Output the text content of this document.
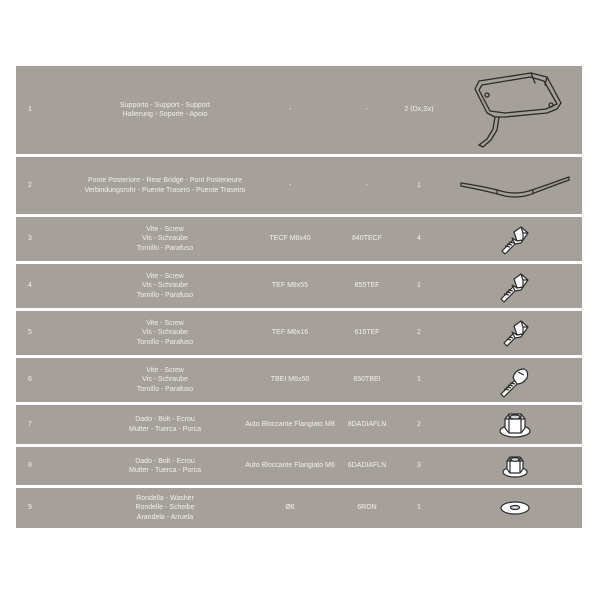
1
Supporto - Support - Support
Halterung - Soporte - Apoio
-	-	2 (Dx,Sx)
2
Ponte Posteriore - Rear Bridge - Pont Posterieure
Verbindungsrohr - Puente Trasero - Puente Traseiro
-	-	1
3
Vite - Screw
Vis - Schraube
Tornillo - Parafuso
TECF M8x40	840TECF	4
4
Vite - Screw
Vis - Schraube
Tornillo - Parafuso
TEF M8x55	855TEF	1
5
Vite - Screw
Vis - Schraube
Tornillo - Parafuso
TEF M6x16	616TEF	2
6
Vite - Screw
Vis - Schraube
Tornillo - Parafuso
TBEI M6x50	650TBEI	1
7
Dado - Bolt - Ecrou
Mutter - Tuerca - Porca
Auto Bloccante Flangiato M8	8DADIAFLN	2
8
Dado - Bolt - Ecrou
Mutter - Tuerca - Porca
Auto Bloccante Flangiato M6	6DADIAFLN	3
9
Rondella - Washer
Rondelle - Scheibe
Arandela - Arruela
Ø6	6RON	1
